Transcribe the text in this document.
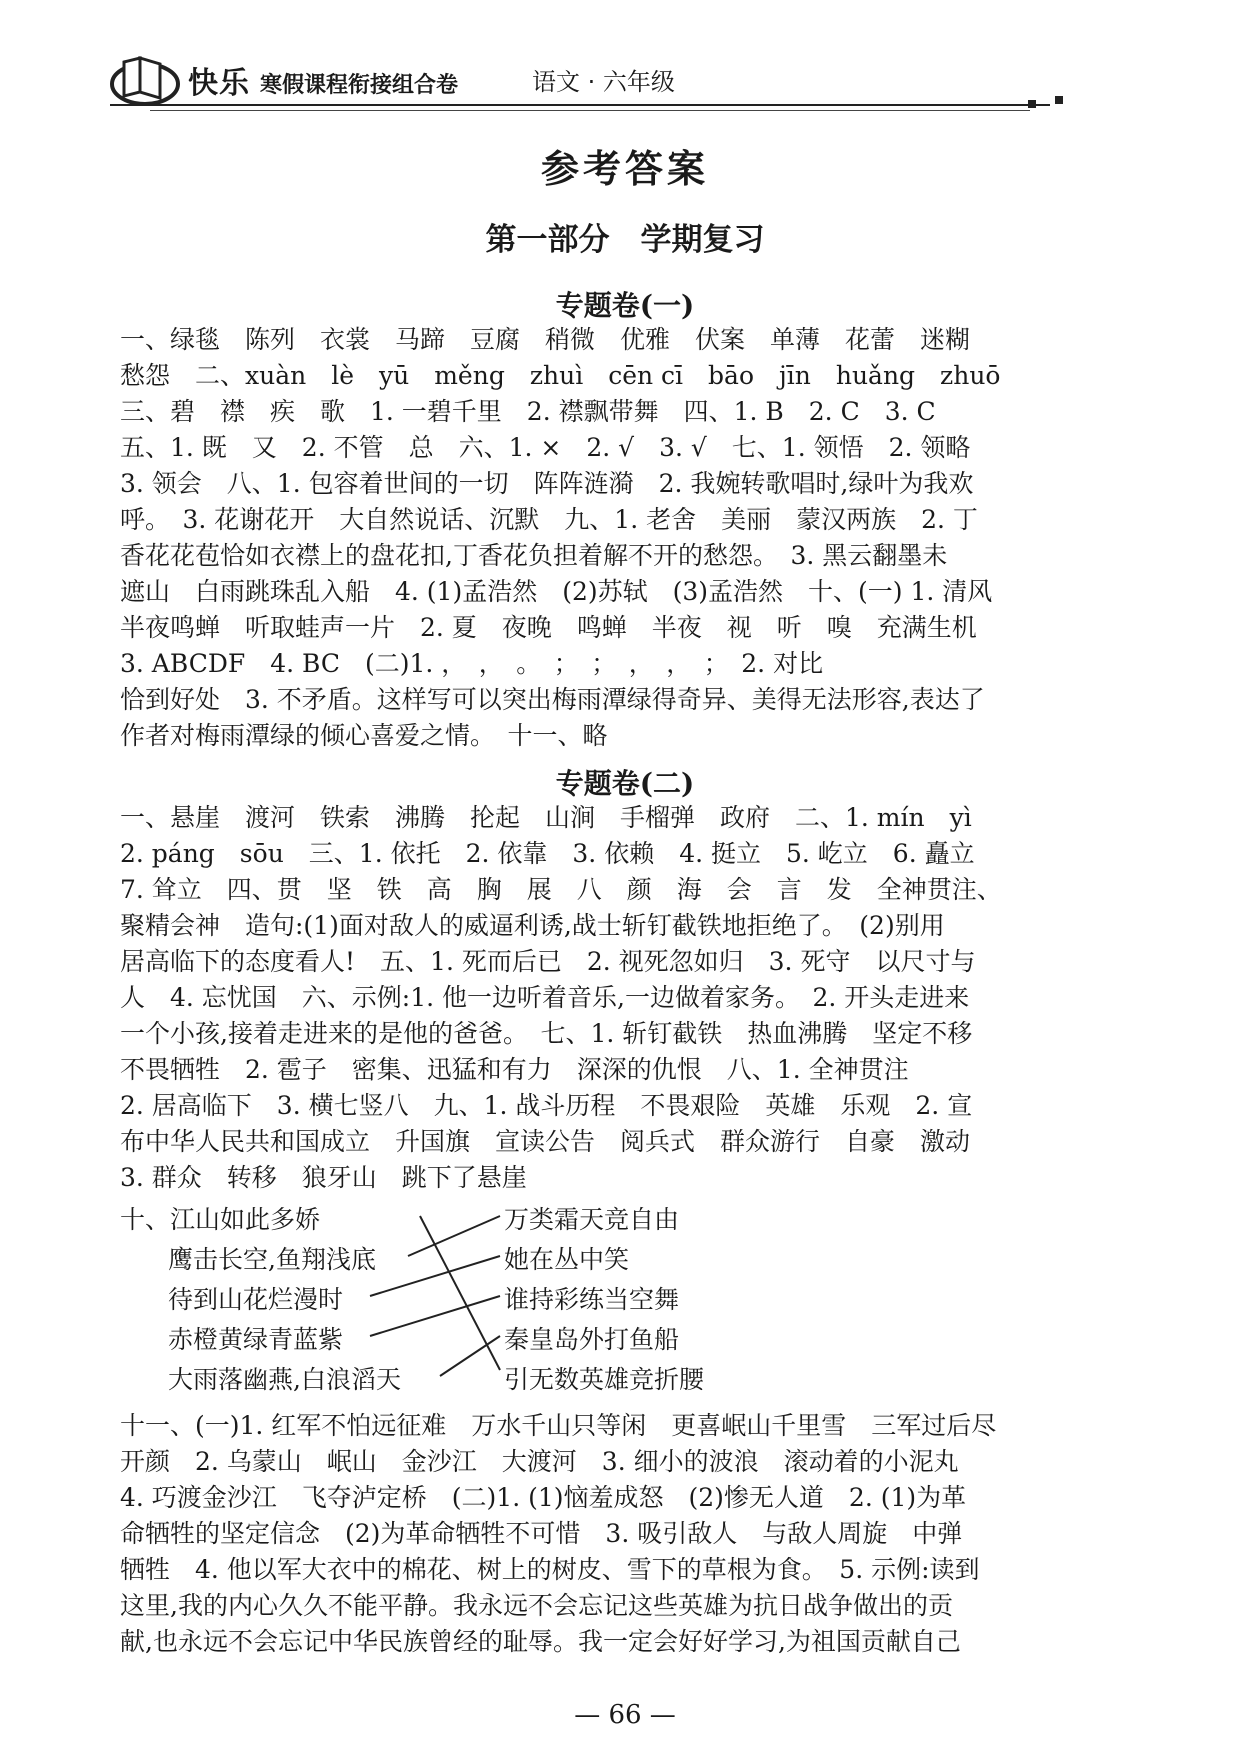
快乐 寒假课程衔接组合卷	语文 · 六年级
参考答案
第一部分　学期复习
专题卷(一)
一、绿毯　陈列　衣裳　马蹄　豆腐　稍微　优雅　伏案　单薄　花蕾　迷糊
愁怨　二、xuàn　lè　yū　měng　zhuì　cēn cī　bāo　jīn　huǎng　zhuō
三、碧　襟　疾　歌　1. 一碧千里　2. 襟飘带舞　四、1. B　2. C　3. C
五、1. 既　又　2. 不管　总　六、1. ×　2. √　3. √　七、1. 领悟　2. 领略
3. 领会　八、1. 包容着世间的一切　阵阵涟漪　2. 我婉转歌唱时,绿叶为我欢
呼。　3. 花谢花开　大自然说话、沉默　九、1. 老舍　美丽　蒙汉两族　2. 丁
香花花苞恰如衣襟上的盘花扣,丁香花负担着解不开的愁怨。　3. 黑云翻墨未
遮山　白雨跳珠乱入船　4. (1)孟浩然　(2)苏轼　(3)孟浩然　十、(一) 1. 清风
半夜鸣蝉　听取蛙声一片　2. 夏　夜晚　鸣蝉　半夜　视　听　嗅　充满生机
3. ABCDF　4. BC　(二)1. ，　，　。　；　；　，　，　；　2. 对比
恰到好处　3. 不矛盾。这样写可以突出梅雨潭绿得奇异、美得无法形容,表达了
作者对梅雨潭绿的倾心喜爱之情。　十一、略
专题卷(二)
一、悬崖　渡河　铁索　沸腾　抡起　山涧　手榴弹　政府　二、1. mín　yì
2. páng　sōu　三、1. 依托　2. 依靠　3. 依赖　4. 挺立　5. 屹立　6. 矗立
7. 耸立　四、贯　坚　铁　高　胸　展　八　颜　海　会　言　发　全神贯注、
聚精会神　造句:(1)面对敌人的威逼利诱,战士斩钉截铁地拒绝了。　(2)别用
居高临下的态度看人!　五、1. 死而后已　2. 视死忽如归　3. 死守　以尺寸与
人　4. 忘忧国　六、示例:1. 他一边听着音乐,一边做着家务。　2. 开头走进来
一个小孩,接着走进来的是他的爸爸。　七、1. 斩钉截铁　热血沸腾　坚定不移
不畏牺牲　2. 雹子　密集、迅猛和有力　深深的仇恨　八、1. 全神贯注
2. 居高临下　3. 横七竖八　九、1. 战斗历程　不畏艰险　英雄　乐观　2. 宣
布中华人民共和国成立　升国旗　宣读公告　阅兵式　群众游行　自豪　激动
3. 群众　转移　狼牙山　跳下了悬崖
十、 江山如此多娇
鹰击长空,鱼翔浅底
待到山花烂漫时
赤橙黄绿青蓝紫
大雨落幽燕,白浪滔天
万类霜天竞自由
她在丛中笑
谁持彩练当空舞
秦皇岛外打鱼船
引无数英雄竞折腰
十一、(一)1. 红军不怕远征难　万水千山只等闲　更喜岷山千里雪　三军过后尽
开颜　2. 乌蒙山　岷山　金沙江　大渡河　3. 细小的波浪　滚动着的小泥丸
4. 巧渡金沙江　飞夺泸定桥　(二)1. (1)恼羞成怒　(2)惨无人道　2. (1)为革
命牺牲的坚定信念　(2)为革命牺牲不可惜　3. 吸引敌人　与敌人周旋　中弹
牺牲　4. 他以军大衣中的棉花、树上的树皮、雪下的草根为食。　5. 示例:读到
这里,我的内心久久不能平静。我永远不会忘记这些英雄为抗日战争做出的贡
献,也永远不会忘记中华民族曾经的耻辱。我一定会好好学习,为祖国贡献自己
— 66 —
